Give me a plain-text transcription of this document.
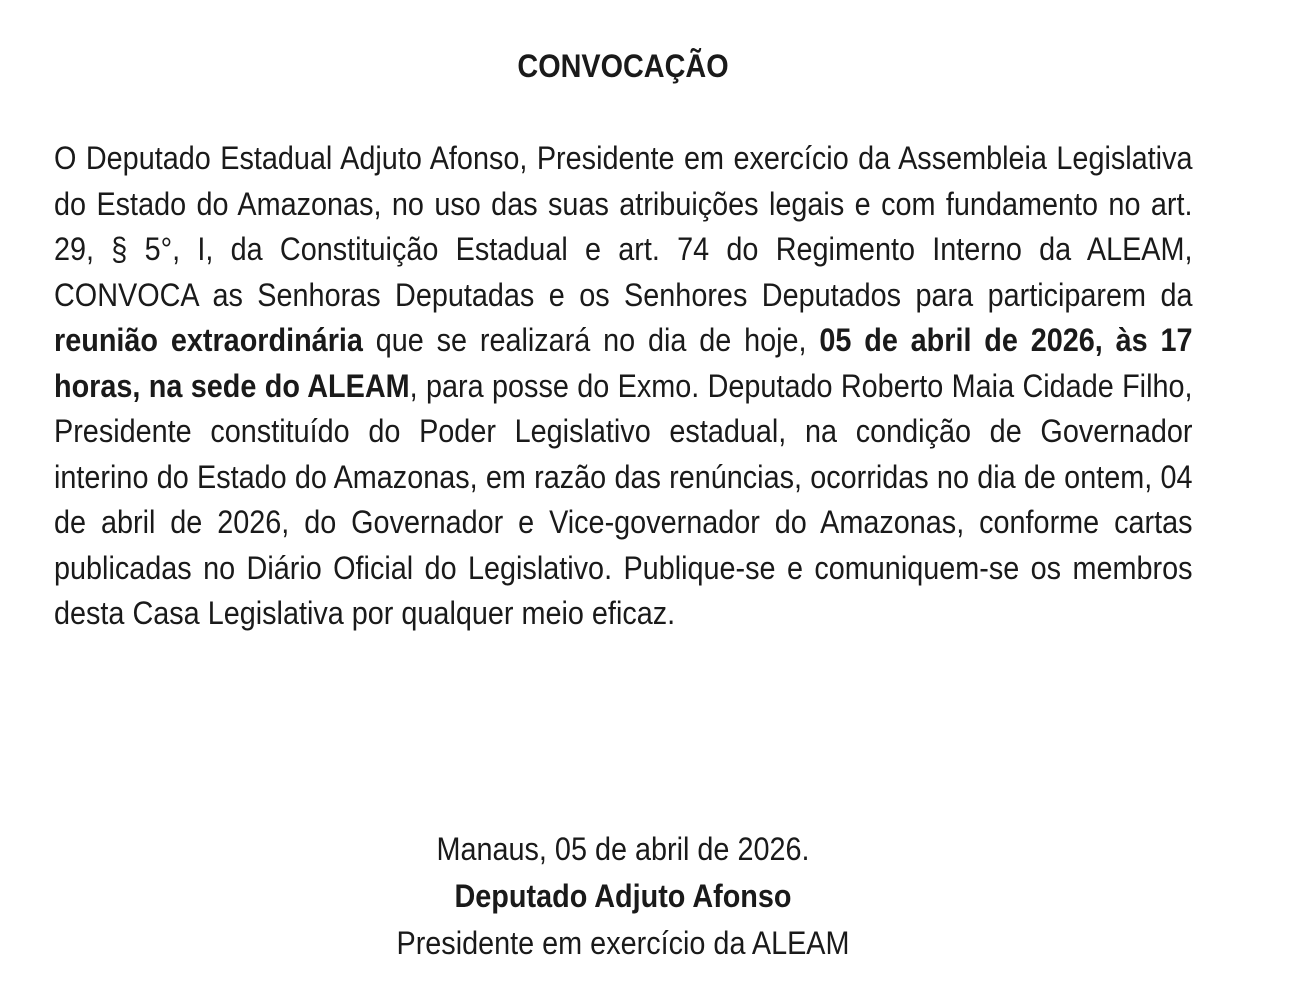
CONVOCAÇÃO
O Deputado Estadual Adjuto Afonso, Presidente em exercício da Assembleia Legislativa do Estado do Amazonas, no uso das suas atribuições legais e com fundamento no art. 29, § 5°, I, da Constituição Estadual e art. 74 do Regimento Interno da ALEAM, CONVOCA as Senhoras Deputadas e os Senhores Deputados para participarem da reunião extraordinária que se realizará no dia de hoje, 05 de abril de 2026, às 17 horas, na sede do ALEAM, para posse do Exmo. Deputado Roberto Maia Cidade Filho, Presidente constituído do Poder Legislativo estadual, na condição de Governador interino do Estado do Amazonas, em razão das renúncias, ocorridas no dia de ontem, 04 de abril de 2026, do Governador e Vice-governador do Amazonas, conforme cartas publicadas no Diário Oficial do Legislativo. Publique-se e comuniquem-se os membros desta Casa Legislativa por qualquer meio eficaz.
Manaus, 05 de abril de 2026.
Deputado Adjuto Afonso
Presidente em exercício da ALEAM
